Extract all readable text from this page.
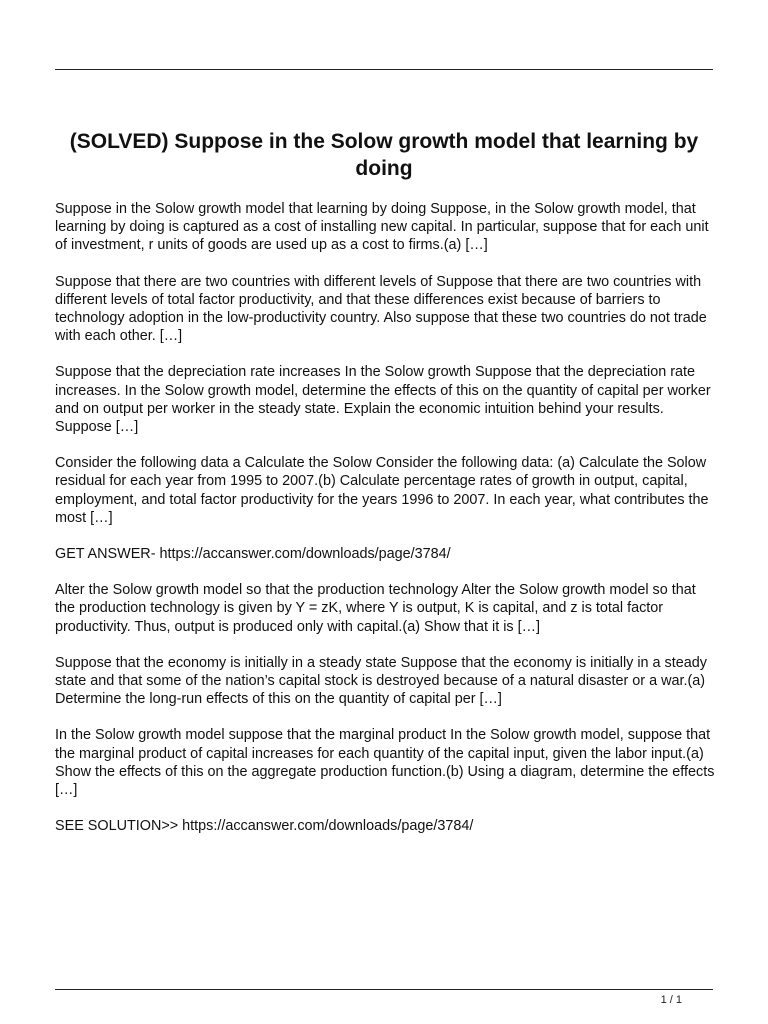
(SOLVED) Suppose in the Solow growth model that learning by doing

Suppose in the Solow growth model that learning by doing Suppose, in the Solow growth model, that learning by doing is captured as a cost of installing new capital. In particular, suppose that for each unit of investment, r units of goods are used up as a cost to firms.(a) […]

Suppose that there are two countries with different levels of Suppose that there are two countries with different levels of total factor productivity, and that these differences exist because of barriers to technology adoption in the low-productivity country. Also suppose that these two countries do not trade with each other. […]

Suppose that the depreciation rate increases In the Solow growth Suppose that the depreciation rate increases. In the Solow growth model, determine the effects of this on the quantity of capital per worker and on output per worker in the steady state. Explain the economic intuition behind your results. Suppose […]

Consider the following data a Calculate the Solow Consider the following data: (a) Calculate the Solow residual for each year from 1995 to 2007.(b) Calculate percentage rates of growth in output, capital, employment, and total factor productivity for the years 1996 to 2007. In each year, what contributes the most […]

GET ANSWER- https://accanswer.com/downloads/page/3784/

Alter the Solow growth model so that the production technology Alter the Solow growth model so that the production technology is given by Y = zK, where Y is output, K is capital, and z is total factor productivity. Thus, output is produced only with capital.(a) Show that it is […]

Suppose that the economy is initially in a steady state Suppose that the economy is initially in a steady state and that some of the nation’s capital stock is destroyed because of a natural disaster or a war.(a) Determine the long-run effects of this on the quantity of capital per […]

In the Solow growth model suppose that the marginal product In the Solow growth model, suppose that the marginal product of capital increases for each quantity of the capital input, given the labor input.(a) Show the effects of this on the aggregate production function.(b) Using a diagram, determine the effects […]

SEE SOLUTION>> https://accanswer.com/downloads/page/3784/

1 / 1
